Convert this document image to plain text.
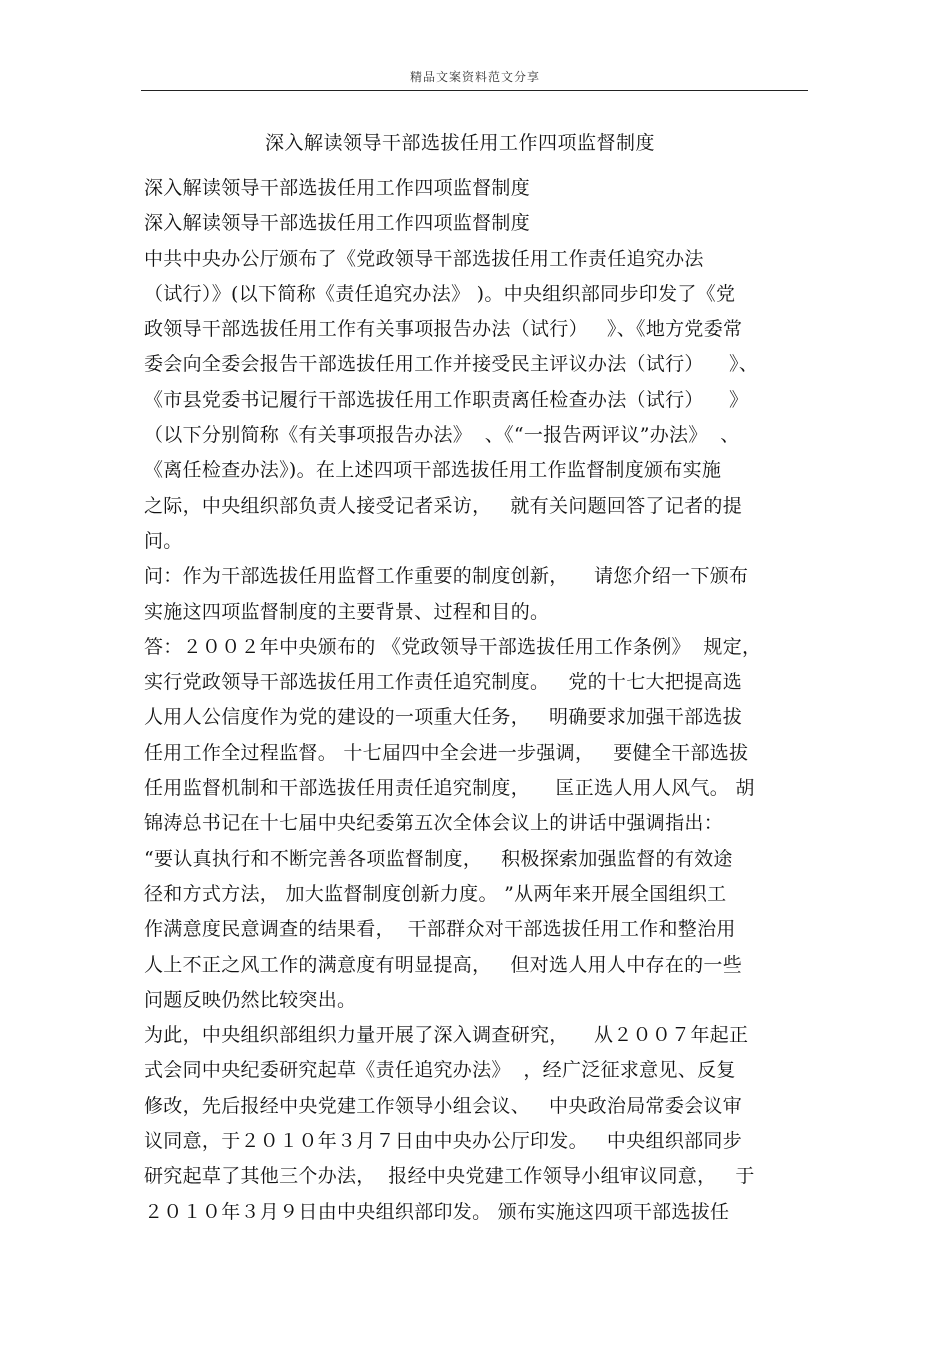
精品文案资料范文分享
深入解读领导干部选拔任用工作四项监督制度
深入解读领导干部选拔任用工作四项监督制度
深入解读领导干部选拔任用工作四项监督制度
中共中央办公厅颁布了《党政领导干部选拔任用工作责任追究办法
（试行）》(以下简称《责任追究办法》 )。中央组织部同步印发了《党
政领导干部选拔任用工作有关事项报告办法（试行）   》、《地方党委常
委会向全委会报告干部选拔任用工作并接受民主评议办法（试行）    》、
《市县党委书记履行干部选拔任用工作职责离任检查办法（试行）    》
（以下分别简称《有关事项报告办法》  、《“一报告两评议”办法》  、
《离任检查办法》)。在上述四项干部选拔任用工作监督制度颁布实施
之际，中央组织部负责人接受记者采访，   就有关问题回答了记者的提
问。
问：作为干部选拔任用监督工作重要的制度创新，    请您介绍一下颁布
实施这四项监督制度的主要背景、过程和目的。
答：２００２年中央颁布的 《党政领导干部选拔任用工作条例》  规定，
实行党政领导干部选拔任用工作责任追究制度。   党的十七大把提高选
人用人公信度作为党的建设的一项重大任务，   明确要求加强干部选拔
任用工作全过程监督。 十七届四中全会进一步强调，   要健全干部选拔
任用监督机制和干部选拔任用责任追究制度，    匡正选人用人风气。 胡
锦涛总书记在十七届中央纪委第五次全体会议上的讲话中强调指出：
“要认真执行和不断完善各项监督制度，   积极探索加强监督的有效途
径和方式方法， 加大监督制度创新力度。 ”从两年来开展全国组织工
作满意度民意调查的结果看，  干部群众对干部选拔任用工作和整治用
人上不正之风工作的满意度有明显提高，   但对选人用人中存在的一些
问题反映仍然比较突出。
为此，中央组织部组织力量开展了深入调查研究，    从２００７年起正
式会同中央纪委研究起草《责任追究办法》  ，经广泛征求意见、反复
修改，先后报经中央党建工作领导小组会议、   中央政治局常委会议审
议同意，于２０１０年３月７日由中央办公厅印发。   中央组织部同步
研究起草了其他三个办法，  报经中央党建工作领导小组审议同意，   于
２０１０年３月９日由中央组织部印发。 颁布实施这四项干部选拔任
